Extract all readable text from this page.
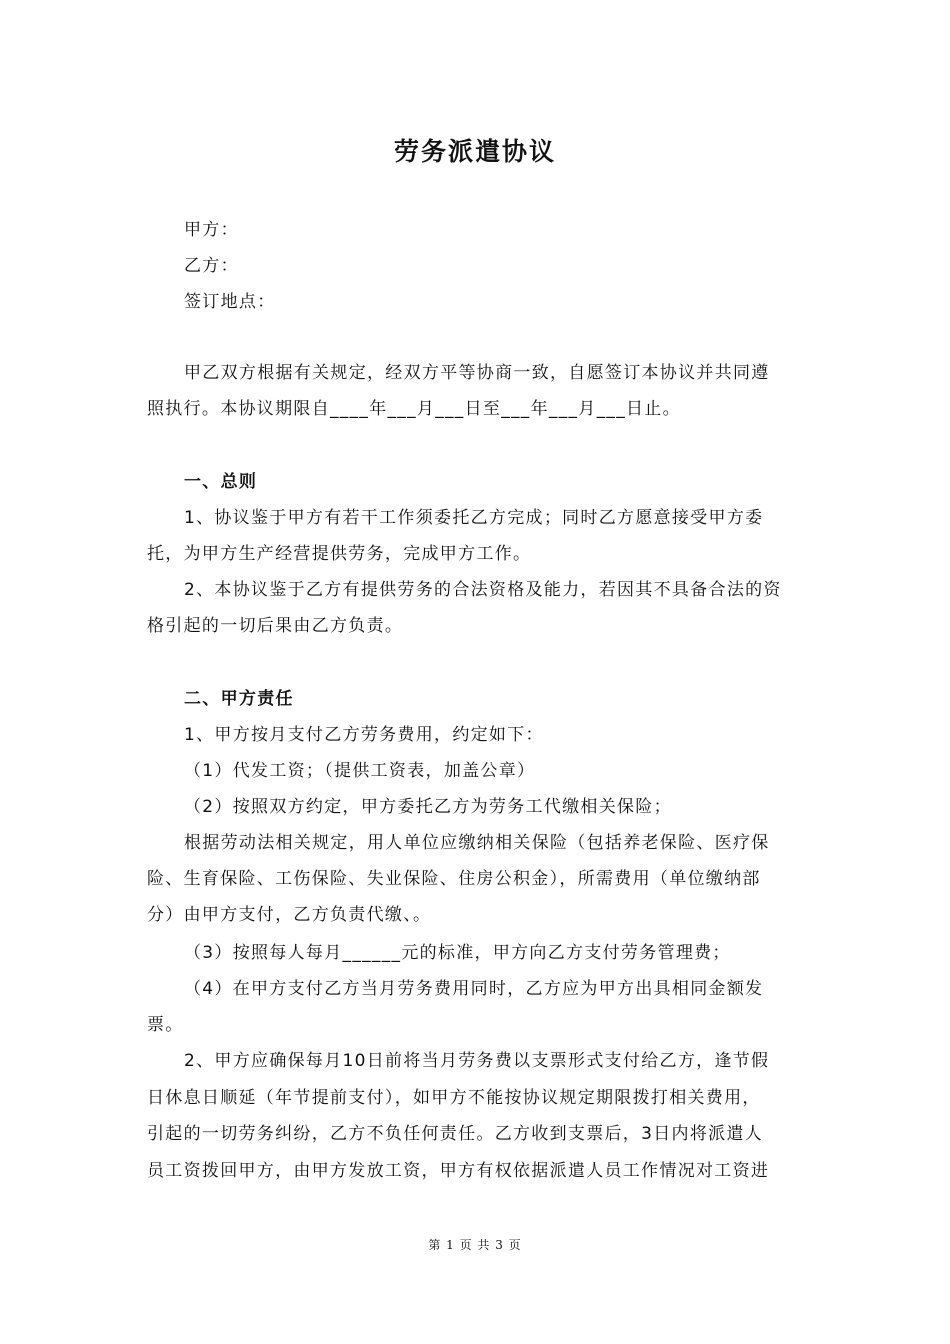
劳务派遣协议
甲方：
乙方：
签订地点：
甲乙双方根据有关规定，经双方平等协商一致，自愿签订本协议并共同遵
照执行。本协议期限自____年___月___日至___年___月___日止。
一、总则
1、协议鉴于甲方有若干工作须委托乙方完成；同时乙方愿意接受甲方委
托，为甲方生产经营提供劳务，完成甲方工作。
2、本协议鉴于乙方有提供劳务的合法资格及能力，若因其不具备合法的资
格引起的一切后果由乙方负责。
二、甲方责任
1、甲方按月支付乙方劳务费用，约定如下：
（1）代发工资；（提供工资表，加盖公章）
（2）按照双方约定，甲方委托乙方为劳务工代缴相关保险；
根据劳动法相关规定，用人单位应缴纳相关保险（包括养老保险、医疗保
险、生育保险、工伤保险、失业保险、住房公积金），所需费用（单位缴纳部
分）由甲方支付，乙方负责代缴、。
（3）按照每人每月______元的标准，甲方向乙方支付劳务管理费；
（4）在甲方支付乙方当月劳务费用同时，乙方应为甲方出具相同金额发
票。
2、甲方应确保每月10日前将当月劳务费以支票形式支付给乙方，逢节假
日休息日顺延（年节提前支付），如甲方不能按协议规定期限拨打相关费用，
引起的一切劳务纠纷，乙方不负任何责任。乙方收到支票后，3日内将派遣人
员工资拨回甲方，由甲方发放工资，甲方有权依据派遣人员工作情况对工资进
第 1 页 共 3 页
